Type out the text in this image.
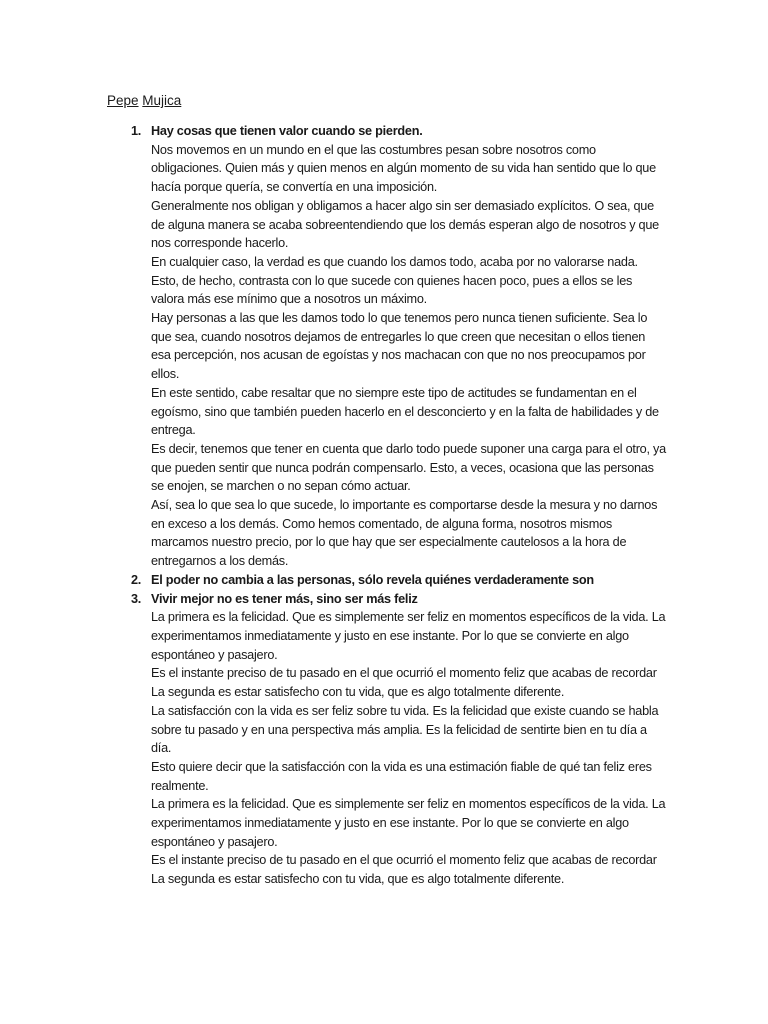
Pepe Mujica
1. Hay cosas que tienen valor cuando se pierden.

Nos movemos en un mundo en el que las costumbres pesan sobre nosotros como obligaciones. Quien más y quien menos en algún momento de su vida han sentido que lo que hacía porque quería, se convertía en una imposición.

Generalmente nos obligan y obligamos a hacer algo sin ser demasiado explícitos. O sea, que de alguna manera se acaba sobreentendiendo que los demás esperan algo de nosotros y que nos corresponde hacerlo.

En cualquier caso, la verdad es que cuando los damos todo, acaba por no valorarse nada. Esto, de hecho, contrasta con lo que sucede con quienes hacen poco, pues a ellos se les valora más ese mínimo que a nosotros un máximo.

Hay personas a las que les damos todo lo que tenemos pero nunca tienen suficiente. Sea lo que sea, cuando nosotros dejamos de entregarles lo que creen que necesitan o ellos tienen esa percepción, nos acusan de egoístas y nos machacan con que no nos preocupamos por ellos.

En este sentido, cabe resaltar que no siempre este tipo de actitudes se fundamentan en el egoísmo, sino que también pueden hacerlo en el desconcierto y en la falta de habilidades y de entrega.

Es decir, tenemos que tener en cuenta que darlo todo puede suponer una carga para el otro, ya que pueden sentir que nunca podrán compensarlo. Esto, a veces, ocasiona que las personas se enojen, se marchen o no sepan cómo actuar.

Así, sea lo que sea lo que sucede, lo importante es comportarse desde la mesura y no darnos en exceso a los demás. Como hemos comentado, de alguna forma, nosotros mismos marcamos nuestro precio, por lo que hay que ser especialmente cautelosos a la hora de entregarnos a los demás.

2. El poder no cambia a las personas, sólo revela quiénes verdaderamente son
3. Vivir mejor no es tener más, sino ser más feliz

La primera es la felicidad. Que es simplemente ser feliz en momentos específicos de la vida. La experimentamos inmediatamente y justo en ese instante. Por lo que se convierte en algo espontáneo y pasajero.

Es el instante preciso de tu pasado en el que ocurrió el momento feliz que acabas de recordar

La segunda es estar satisfecho con tu vida, que es algo totalmente diferente.

La satisfacción con la vida es ser feliz sobre tu vida. Es la felicidad que existe cuando se habla sobre tu pasado y en una perspectiva más amplia. Es la felicidad de sentirte bien en tu día a día.

Esto quiere decir que la satisfacción con la vida es una estimación fiable de qué tan feliz eres realmente.

La primera es la felicidad. Que es simplemente ser feliz en momentos específicos de la vida. La experimentamos inmediatamente y justo en ese instante. Por lo que se convierte en algo espontáneo y pasajero.

Es el instante preciso de tu pasado en el que ocurrió el momento feliz que acabas de recordar

La segunda es estar satisfecho con tu vida, que es algo totalmente diferente.
